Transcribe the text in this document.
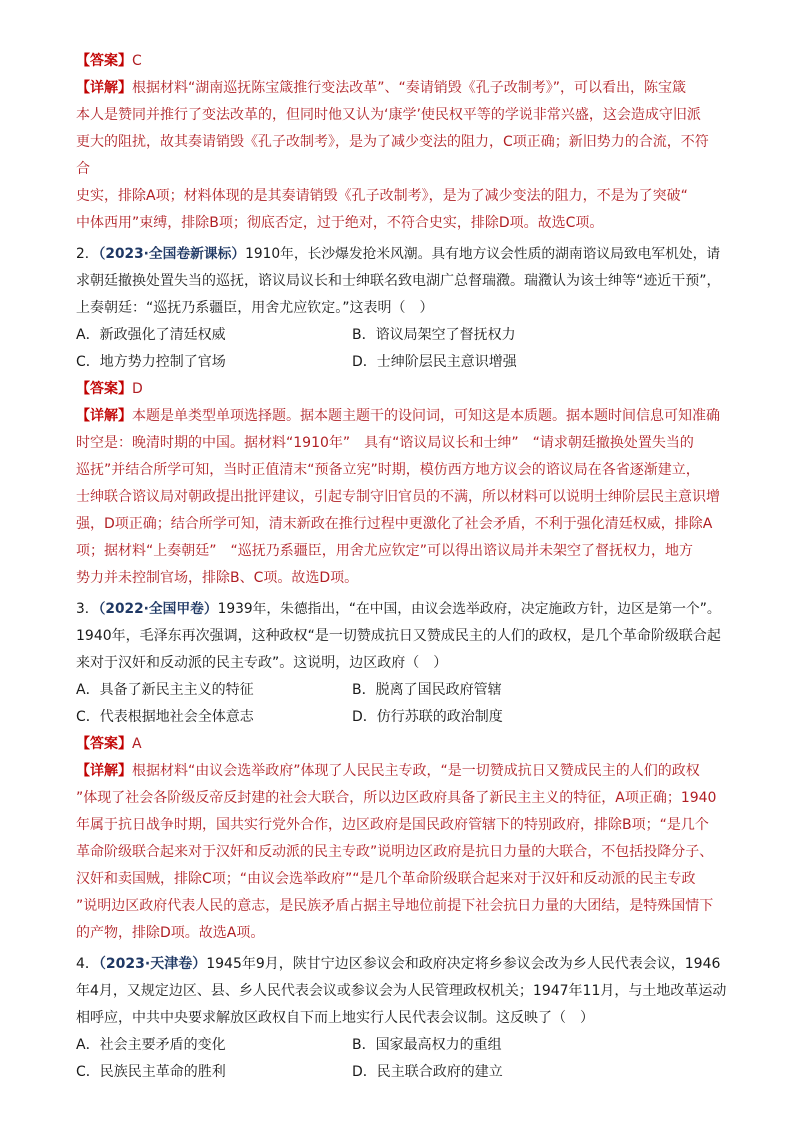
【答案】C
【详解】根据材料“湖南巡抚陈宝箴推行变法改革”、“奏请销毁《孔子改制考》”，可以看出，陈宝箴
本人是赞同并推行了变法改革的，但同时他又认为‘康学’使民权平等的学说非常兴盛，这会造成守旧派
更大的阻扰，故其奏请销毁《孔子改制考》，是为了减少变法的阻力，C项正确；新旧势力的合流，不符
合
史实，排除A项；材料体现的是其奏请销毁《孔子改制考》，是为了减少变法的阻力，不是为了突破“
中体西用”束缚，排除B项；彻底否定，过于绝对，不符合史实，排除D项。故选C项。
2．（2023·全国卷新课标）1910年，长沙爆发抢米风潮。具有地方议会性质的湖南谘议局致电军机处，请
求朝廷撤换处置失当的巡抚，谘议局议长和士绅联名致电湖广总督瑞瀓。瑞瀓认为该士绅等“迹近干预”，
上奏朝廷：“巡抚乃系疆臣，用舍尤应钦定。”这表明（　）
A．新政强化了清廷权威	B．谘议局架空了督抚权力
C．地方势力控制了官场	D．士绅阶层民主意识增强
【答案】D
【详解】本题是单类型单项选择题。据本题主题干的设问词，可知这是本质题。据本题时间信息可知准确
时空是：晚清时期的中国。据材料“1910年”　具有“谘议局议长和士绅”　“请求朝廷撤换处置失当的
巡抚”并结合所学可知，当时正值清末“预备立宪”时期，模仿西方地方议会的谘议局在各省逐渐建立，
士绅联合谘议局对朝政提出批评建议，引起专制守旧官员的不满，所以材料可以说明士绅阶层民主意识增
强，D项正确；结合所学可知，清末新政在推行过程中更激化了社会矛盾，不利于强化清廷权威，排除A
项；据材料“上奏朝廷”　“巡抚乃系疆臣，用舍尤应钦定”可以得出谘议局并未架空了督抚权力，地方
势力并未控制官场，排除B、C项。故选D项。
3．（2022·全国甲卷）1939年，朱德指出，“在中国，由议会选举政府，决定施政方针，边区是第一个”。
1940年，毛泽东再次强调，这种政权“是一切赞成抗日又赞成民主的人们的政权，是几个革命阶级联合起
来对于汉奸和反动派的民主专政”。这说明，边区政府（　）
A．具备了新民主主义的特征	B．脱离了国民政府管辖
C．代表根据地社会全体意志	D．仿行苏联的政治制度
【答案】A
【详解】根据材料“由议会选举政府”体现了人民民主专政，“是一切赞成抗日又赞成民主的人们的政权
”体现了社会各阶级反帝反封建的社会大联合，所以边区政府具备了新民主主义的特征，A项正确；1940
年属于抗日战争时期，国共实行党外合作，边区政府是国民政府管辖下的特别政府，排除B项；“是几个
革命阶级联合起来对于汉奸和反动派的民主专政”说明边区政府是抗日力量的大联合，不包括投降分子、
汉奸和卖国贼，排除C项；“由议会选举政府”“是几个革命阶级联合起来对于汉奸和反动派的民主专政
”说明边区政府代表人民的意志，是民族矛盾占据主导地位前提下社会抗日力量的大团结，是特殊国情下
的产物，排除D项。故选A项。
4．（2023·天津卷）1945年9月，陕甘宁边区参议会和政府决定将乡参议会改为乡人民代表会议，1946
年4月，又规定边区、县、乡人民代表会议或参议会为人民管理政权机关；1947年11月，与土地改革运动
相呼应，中共中央要求解放区政权自下而上地实行人民代表会议制。这反映了（　）
A．社会主要矛盾的变化	B．国家最高权力的重组
C．民族民主革命的胜利	D．民主联合政府的建立
